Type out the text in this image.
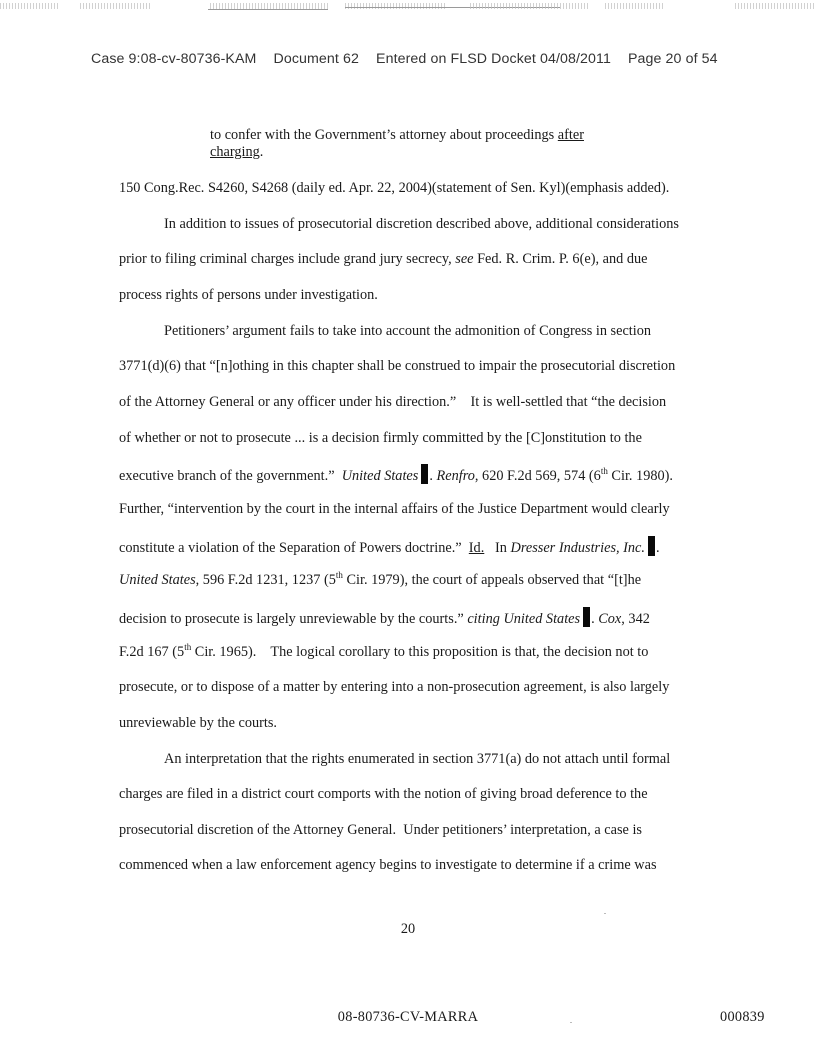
Case 9:08-cv-80736-KAM Document 62 Entered on FLSD Docket 04/08/2011 Page 20 of 54
to confer with the Government’s attorney about proceedings after
charging.
150 Cong.Rec. S4260, S4268 (daily ed. Apr. 22, 2004)(statement of Sen. Kyl)(emphasis added).
In addition to issues of prosecutorial discretion described above, additional considerations
prior to filing criminal charges include grand jury secrecy, see Fed. R. Crim. P. 6(e), and due
process rights of persons under investigation.
Petitioners’ argument fails to take into account the admonition of Congress in section
3771(d)(6) that “[n]othing in this chapter shall be construed to impair the prosecutorial discretion
of the Attorney General or any officer under his direction.”    It is well-settled that “the decision
of whether or not to prosecute ... is a decision firmly committed by the [C]onstitution to the
executive branch of the government.”  United States . Renfro, 620 F.2d 569, 574 (6th Cir. 1980).
Further, “intervention by the court in the internal affairs of the Justice Department would clearly
constitute a violation of the Separation of Powers doctrine.”  Id.   In Dresser Industries, Inc. .
United States, 596 F.2d 1231, 1237 (5th Cir. 1979), the court of appeals observed that “[t]he
decision to prosecute is largely unreviewable by the courts.” citing United States . Cox, 342
F.2d 167 (5th Cir. 1965).    The logical corollary to this proposition is that, the decision not to
prosecute, or to dispose of a matter by entering into a non-prosecution agreement, is also largely
unreviewable by the courts.
An interpretation that the rights enumerated in section 3771(a) do not attach until formal
charges are filed in a district court comports with the notion of giving broad deference to the
prosecutorial discretion of the Attorney General.  Under petitioners’ interpretation, a case is
commenced when a law enforcement agency begins to investigate to determine if a crime was
20
08-80736-CV-MARRA	000839
